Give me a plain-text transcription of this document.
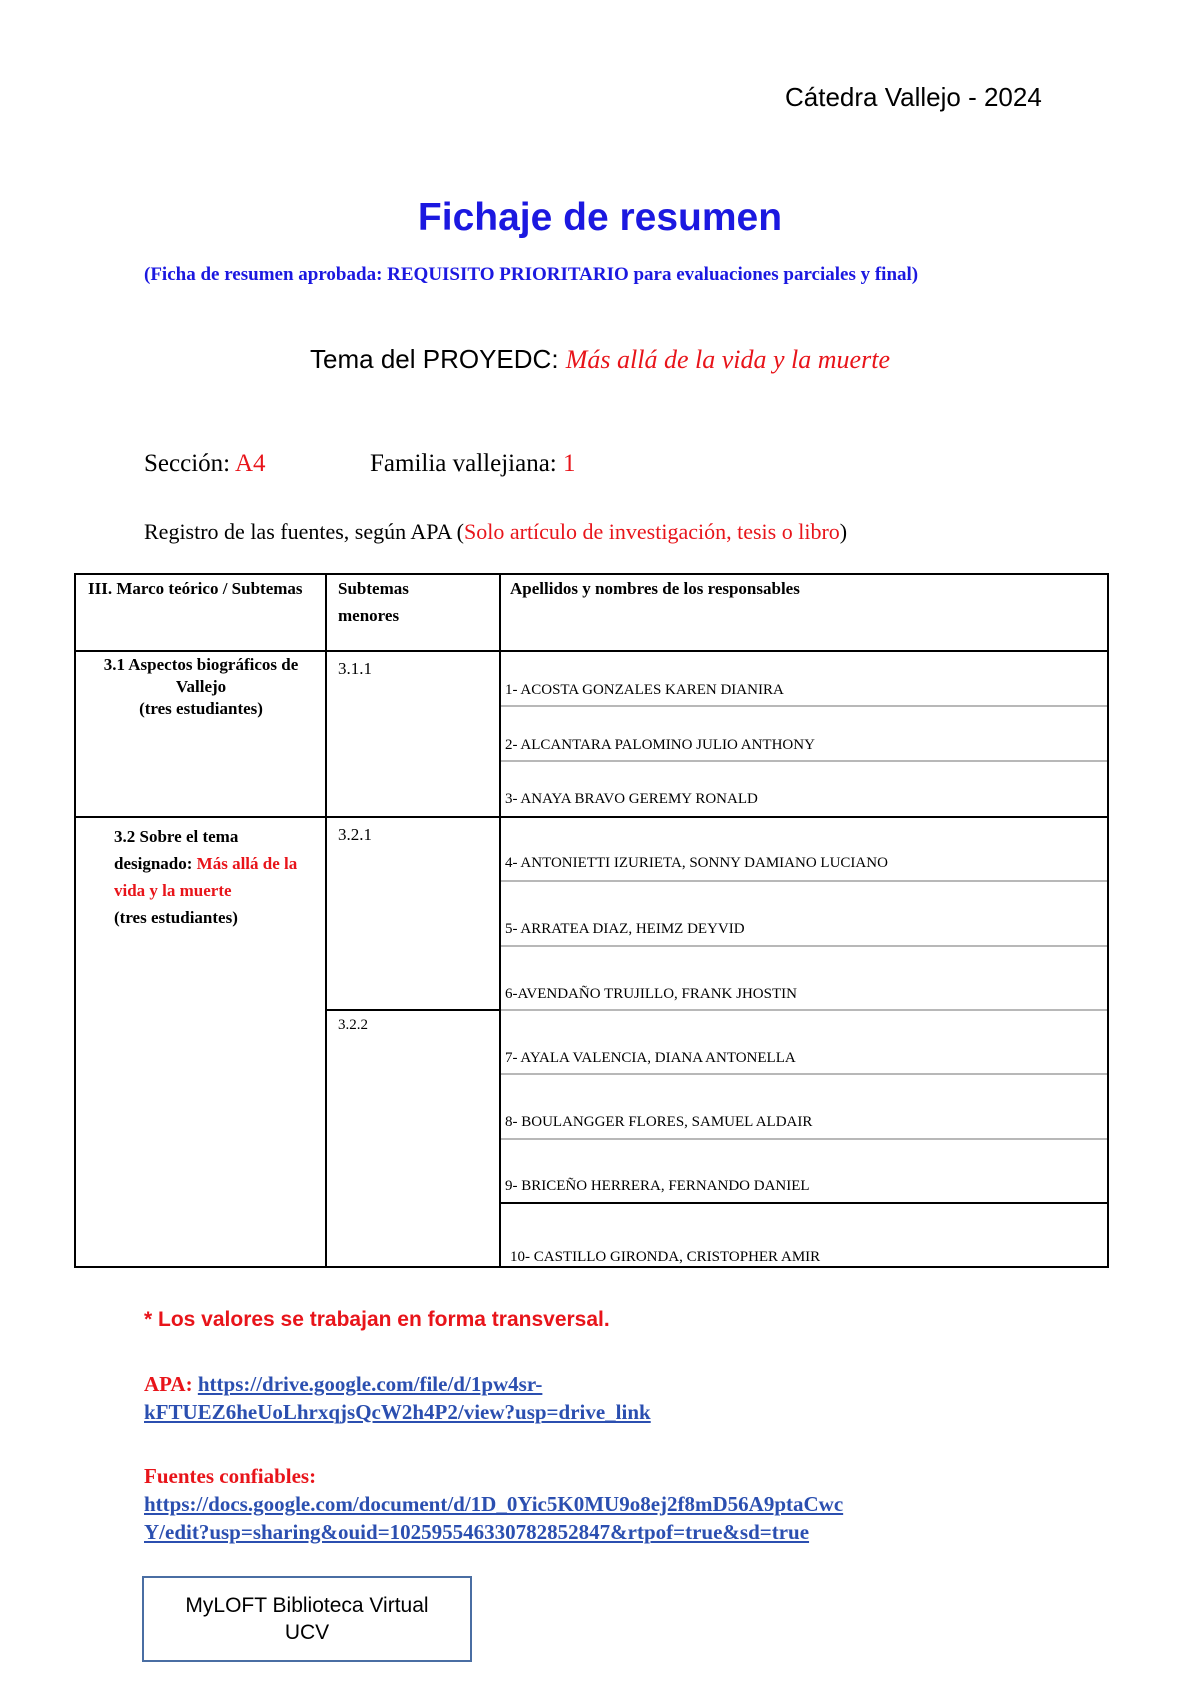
Cátedra Vallejo - 2024
Fichaje de resumen
(Ficha de resumen aprobada: REQUISITO PRIORITARIO para evaluaciones parciales y final)
Tema del PROYEDC: Más allá de la vida y la muerte
Sección: A4	Familia vallejiana: 1
Registro de las fuentes, según APA (Solo artículo de investigación, tesis o libro)
III. Marco teórico / Subtemas	Subtemas menores
Apellidos y nombres de los responsables
3.1 Aspectos biográficos de Vallejo
(tres estudiantes)
3.1.1
3.2 Sobre el tema designado: Más allá de la vida y la muerte
(tres estudiantes)
3.2.1
3.2.2
1- ACOSTA GONZALES KAREN DIANIRA
2- ALCANTARA PALOMINO JULIO ANTHONY
3- ANAYA BRAVO GEREMY RONALD
4- ANTONIETTI IZURIETA, SONNY DAMIANO LUCIANO
5- ARRATEA DIAZ, HEIMZ DEYVID
6-AVENDAÑO TRUJILLO, FRANK JHOSTIN
7- AYALA VALENCIA, DIANA ANTONELLA
8- BOULANGGER FLORES, SAMUEL ALDAIR
9- BRICEÑO HERRERA, FERNANDO DANIEL
10- CASTILLO GIRONDA, CRISTOPHER AMIR
* Los valores se trabajan en forma transversal.
APA: https://drive.google.com/file/d/1pw4sr-
kFTUEZ6heUoLhrxqjsQcW2h4P2/view?usp=drive_link
Fuentes confiables:
https://docs.google.com/document/d/1D_0Yic5K0MU9o8ej2f8mD56A9ptaCwc
Y/edit?usp=sharing&ouid=102595546330782852847&rtpof=true&sd=true
MyLOFT Biblioteca Virtual
UCV
